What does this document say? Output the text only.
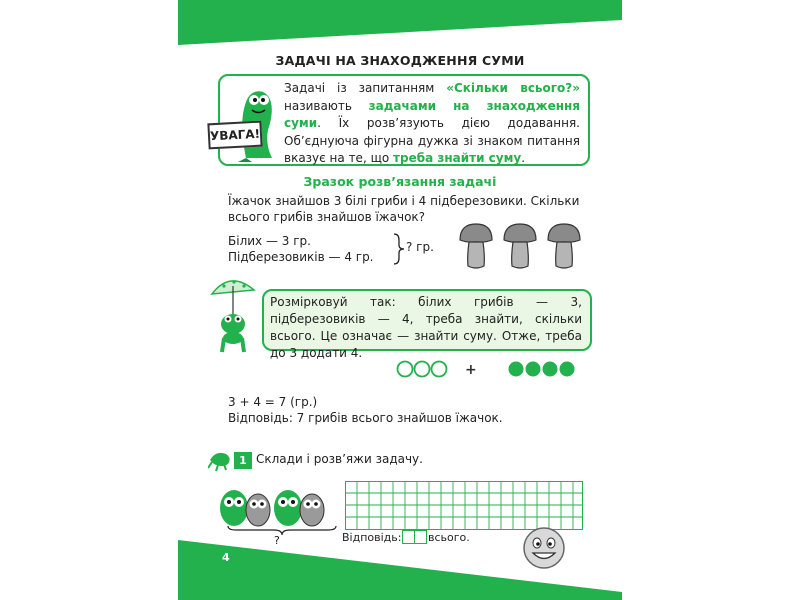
ЗАДАЧІ НА ЗНАХОДЖЕННЯ СУМИ
Задачі із запитанням «Скільки всього?» називають задачами на знаходження суми. Їх розв’язують дією додавання. Об’єднуюча фігурна дужка зі знаком питання вказує на те, що треба знайти суму.
УВАГА!
Зразок розв’язання задачі
Їжачок знайшов 3 білі гриби і 4 підберезовики. Скільки всього грибів знайшов їжачок?
Білих — 3 гр.
Підберезовиків — 4 гр.
? гр.
Розмірковуй так: білих грибів — 3, підберезовиків — 4, треба знайти, скільки всього. Це означає — знайти суму. Отже, треба до 3 додати 4.
+
3 + 4 = 7 (гр.)
Відповідь: 7 грибів всього знайшов їжачок.
1 Склади і розв’яжи задачу.
?	Відповідь: всього.
4
